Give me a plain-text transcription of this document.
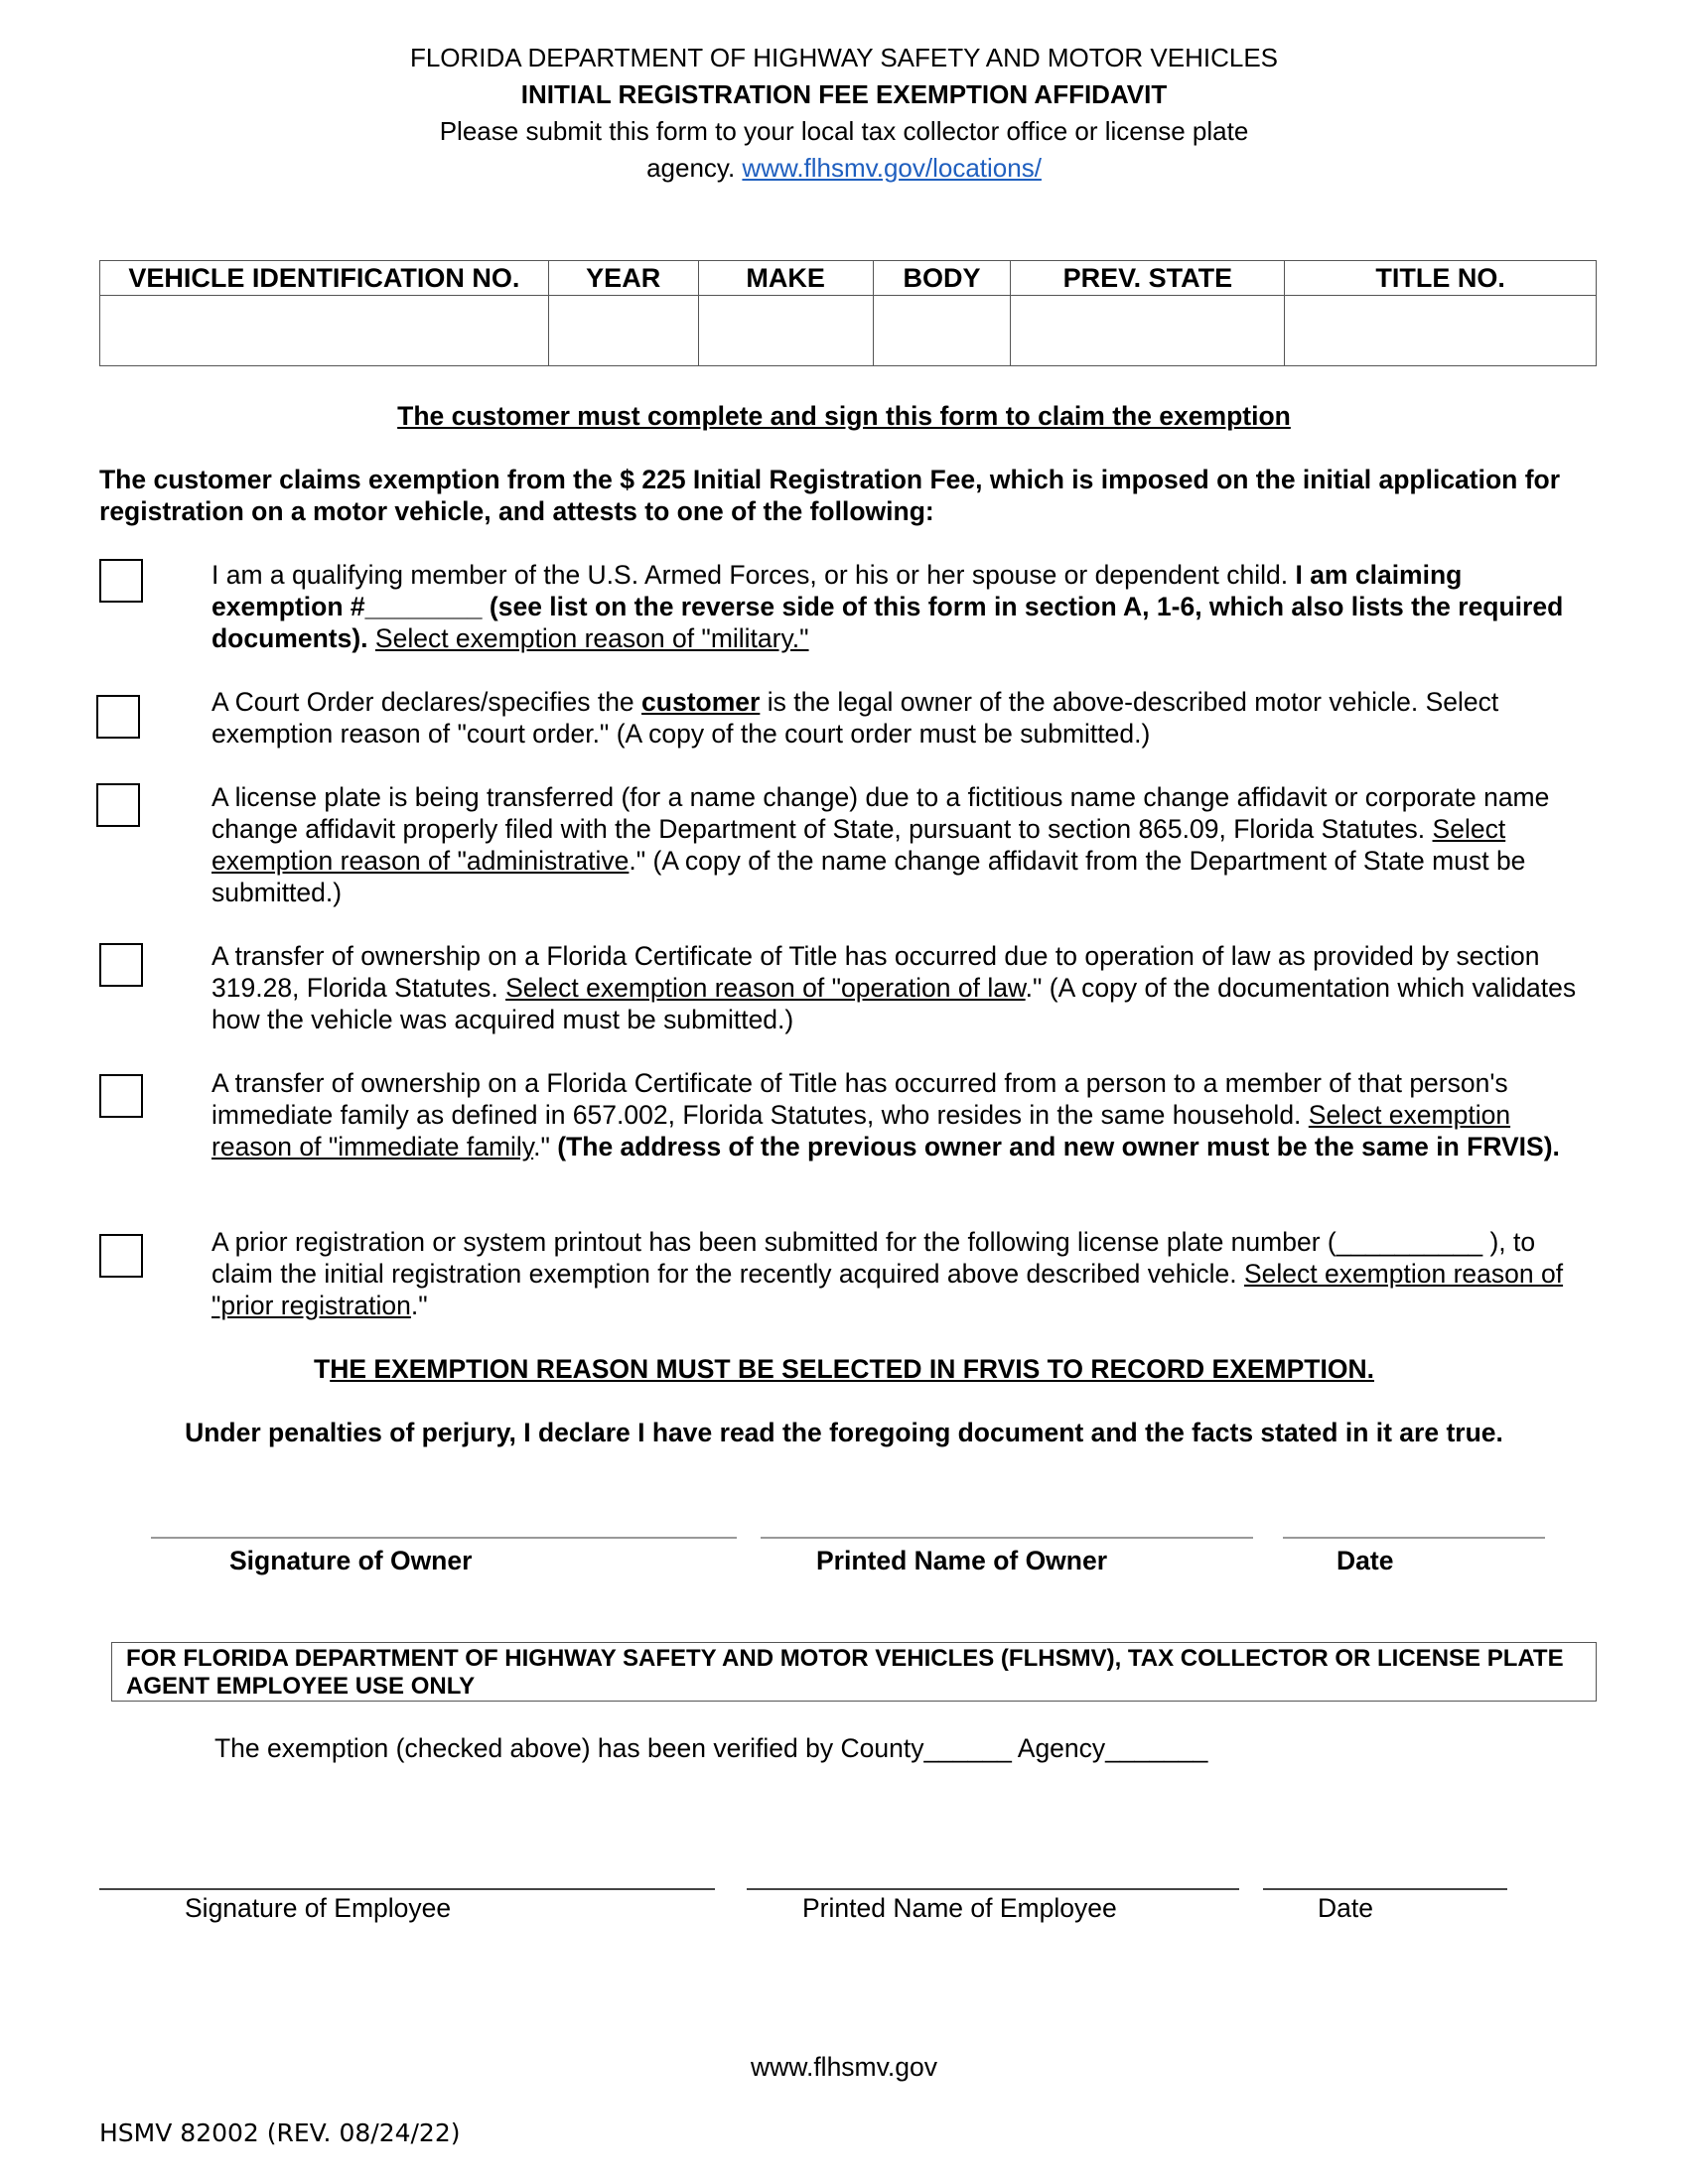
FLORIDA DEPARTMENT OF HIGHWAY SAFETY AND MOTOR VEHICLES
INITIAL REGISTRATION FEE EXEMPTION AFFIDAVIT
Please submit this form to your local tax collector office or license plate
agency. www.flhsmv.gov/locations/
VEHICLE IDENTIFICATION NO.	YEAR	MAKE	BODY	PREV. STATE	TITLE NO.

The customer must complete and sign this form to claim the exemption
The customer claims exemption from the $ 225 Initial Registration Fee, which is imposed on the initial application for registration on a motor vehicle, and attests to one of the following:
I am a qualifying member of the U.S. Armed Forces, or his or her spouse or dependent child. I am claiming exemption #________ (see list on the reverse side of this form in section A, 1-6, which also lists the required documents). Select exemption reason of "military."
A Court Order declares/specifies the customer is the legal owner of the above-described motor vehicle. Select exemption reason of "court order." (A copy of the court order must be submitted.)
A license plate is being transferred (for a name change) due to a fictitious name change affidavit or corporate name change affidavit properly filed with the Department of State, pursuant to section 865.09, Florida Statutes. Select exemption reason of "administrative." (A copy of the name change affidavit from the Department of State must be submitted.)
A transfer of ownership on a Florida Certificate of Title has occurred due to operation of law as provided by section 319.28, Florida Statutes. Select exemption reason of "operation of law." (A copy of the documentation which validates how the vehicle was acquired must be submitted.)
A transfer of ownership on a Florida Certificate of Title has occurred from a person to a member of that person's immediate family as defined in 657.002, Florida Statutes, who resides in the same household. Select exemption reason of "immediate family." (The address of the previous owner and new owner must be the same in FRVIS).
A prior registration or system printout has been submitted for the following license plate number (__________ ), to claim the initial registration exemption for the recently acquired above described vehicle. Select exemption reason of "prior registration."
THE EXEMPTION REASON MUST BE SELECTED IN FRVIS TO RECORD EXEMPTION.
Under penalties of perjury, I declare I have read the foregoing document and the facts stated in it are true.
Signature of Owner	Printed Name of Owner	Date
FOR FLORIDA DEPARTMENT OF HIGHWAY SAFETY AND MOTOR VEHICLES (FLHSMV), TAX COLLECTOR OR LICENSE PLATE AGENT EMPLOYEE USE ONLY
The exemption (checked above) has been verified by County______ Agency_______
Signature of Employee	Printed Name of Employee	Date
www.flhsmv.gov
HSMV 82002 (REV. 08/24/22)
